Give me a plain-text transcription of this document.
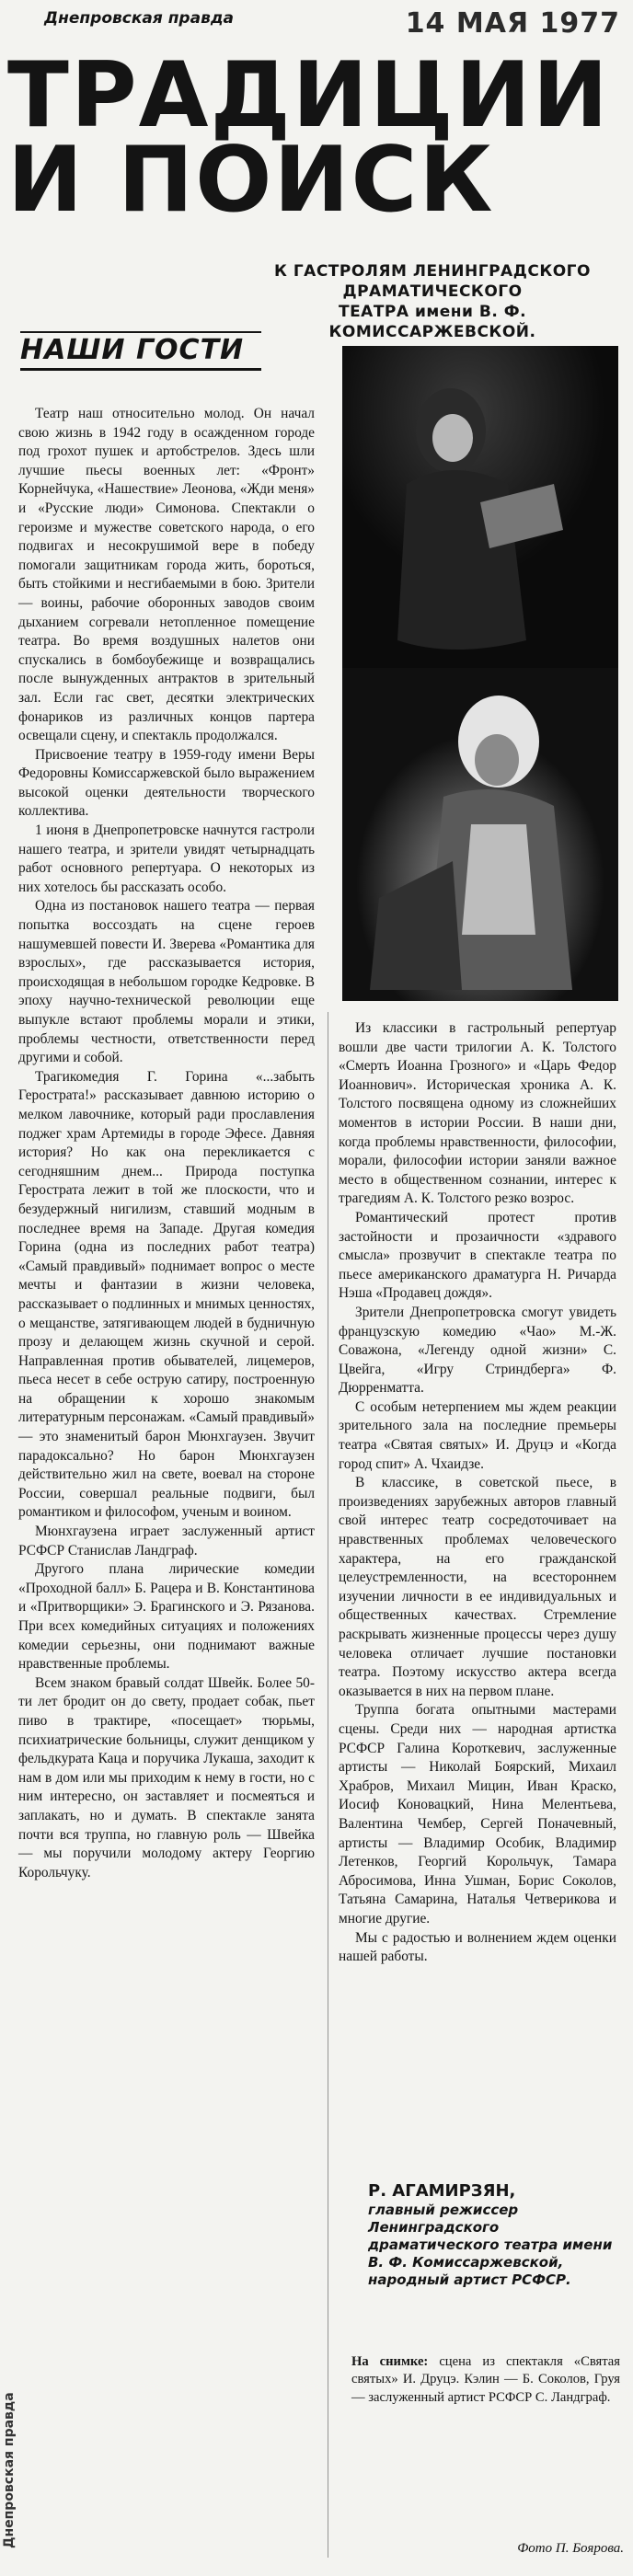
Днепровская правда	14 МАЯ 1977
ТРАДИЦИИ
И ПОИСК
К ГАСТРОЛЯМ ЛЕНИНГРАДСКОГО ДРАМАТИЧЕСКОГО
ТЕАТРА имени В. Ф. КОМИССАРЖЕВСКОЙ.
НАШИ ГОСТИ

Театр наш относительно молод. Он начал свою жизнь в 1942 году в осажденном городе под грохот пушек и артобстрелов. Здесь шли лучшие пьесы военных лет: «Фронт» Корнейчука, «Нашествие» Леонова, «Жди меня» и «Русские люди» Симонова. Спектакли о героизме и мужестве советского народа, о его подвигах и несокрушимой вере в победу помогали защитникам города жить, бороться, быть стойкими и несгибаемыми в бою. Зрители — воины, рабочие оборонных заводов своим дыханием согревали нетопленное помещение театра. Во время воздушных налетов они спускались в бомбоубежище и возвращались после вынужденных антрактов в зрительный зал. Если гас свет, десятки электрических фонариков из различных концов партера освещали сцену, и спектакль продолжался.

Присвоение театру в 1959-году имени Веры Федоровны Комиссаржевской было выражением высокой оценки деятельности творческого коллектива.

1 июня в Днепропетровске начнутся гастроли нашего театра, и зрители увидят четырнадцать работ основного репертуара. О некоторых из них хотелось бы рассказать особо.

Одна из постановок нашего театра — первая попытка воссоздать на сцене героев нашумевшей повести И. Зверева «Романтика для взрослых», где рассказывается история, происходящая в небольшом городке Кедровке. В эпоху научно-технической революции еще выпукле встают проблемы морали и этики, проблемы честности, ответственности перед другими и собой.

Трагикомедия Г. Горина «...забыть Герострата!» рассказывает давнюю историю о мелком лавочнике, который ради прославления поджег храм Артемиды в городе Эфесе. Давняя история? Но как она перекликается с сегодняшним днем... Природа поступка Герострата лежит в той же плоскости, что и безудержный нигилизм, ставший модным в последнее время на Западе. Другая комедия Горина (одна из последних работ театра) «Самый правдивый» поднимает вопрос о месте мечты и фантазии в жизни человека, рассказывает о подлинных и мнимых ценностях, о мещанстве, затягивающем людей в будничную прозу и делающем жизнь скучной и серой. Направленная против обывателей, лицемеров, пьеса несет в себе острую сатиру, построенную на обращении к хорошо знакомым литературным персонажам. «Самый правдивый» — это знаменитый барон Мюнхгаузен. Звучит парадоксально? Но барон Мюнхгаузен действительно жил на свете, воевал на стороне России, совершал реальные подвиги, был романтиком и философом, ученым и воином.

Мюнхгаузена играет заслуженный артист РСФСР Станислав Ландграф.

Другого плана лирические комедии «Проходной балл» Б. Рацера и В. Константинова и «Притворщики» Э. Брагинского и Э. Рязанова. При всех комедийных ситуациях и положениях комедии серьезны, они поднимают важные нравственные проблемы.

Всем знаком бравый солдат Швейк. Более 50-ти лет бродит он до свету, продает собак, пьет пиво в трактире, «посещает» тюрьмы, психиатрические больницы, служит денщиком у фельдкурата Каца и поручика Лукаша, заходит к нам в дом или мы приходим к нему в гости, но с ним интересно, он заставляет и посмеяться и заплакать, но и думать. В спектакле занята почти вся труппа, но главную роль — Швейка — мы поручили молодому актеру Георгию Корольчуку.

Из классики в гастрольный репертуар вошли две части трилогии А. К. Толстого «Смерть Иоанна Грозного» и «Царь Федор Иоаннович». Историческая хроника А. К. Толстого посвящена одному из сложнейших моментов в истории России. В наши дни, когда проблемы нравственности, философии, морали, философии истории заняли важное место в общественном сознании, интерес к трагедиям А. К. Толстого резко возрос.

Романтический протест против застойности и прозаичности «здравого смысла» прозвучит в спектакле театра по пьесе американского драматурга Н. Ричарда Нэша «Продавец дождя».

Зрители Днепропетровска смогут увидеть французскую комедию «Чао» М.-Ж. Соважона, «Легенду одной жизни» С. Цвейга, «Игру Стриндберга» Ф. Дюрренматта.

С особым нетерпением мы ждем реакции зрительного зала на последние премьеры театра «Святая святых» И. Друцэ и «Когда город спит» А. Чхаидзе.

В классике, в советской пьесе, в произведениях зарубежных авторов главный свой интерес театр сосредоточивает на нравственных проблемах человеческого характера, на его гражданской целеустремленности, на всестороннем изучении личности в ее индивидуальных и общественных качествах. Стремление раскрывать жизненные процессы через душу человека отличает лучшие постановки театра. Поэтому искусство актера всегда оказывается в них на первом плане.

Труппа богата опытными мастерами сцены. Среди них — народная артистка РСФСР Галина Короткевич, заслуженные артисты — Николай Боярский, Михаил Храбров, Михаил Мицин, Иван Краско, Иосиф Коновацкий, Нина Мелентьева, Валентина Чембер, Сергей Поначевный, артисты — Владимир Особик, Владимир Летенков, Георгий Корольчук, Тамара Абросимова, Инна Ушман, Борис Соколов, Татьяна Самарина, Наталья Четверикова и многие другие.

Мы с радостью и волнением ждем оценки нашей работы.

Р. АГАМИРЗЯН,
главный режиссер Ленинградского драматического театра имени В. Ф. Комиссаржевской, народный артист РСФСР.
На снимке: сцена из спектакля «Святая святых» И. Друцэ. Кэлин — Б. Соколов, Груя — заслуженный артист РСФСР С. Ландграф.
Фото П. Боярова.
Днепровская правда
